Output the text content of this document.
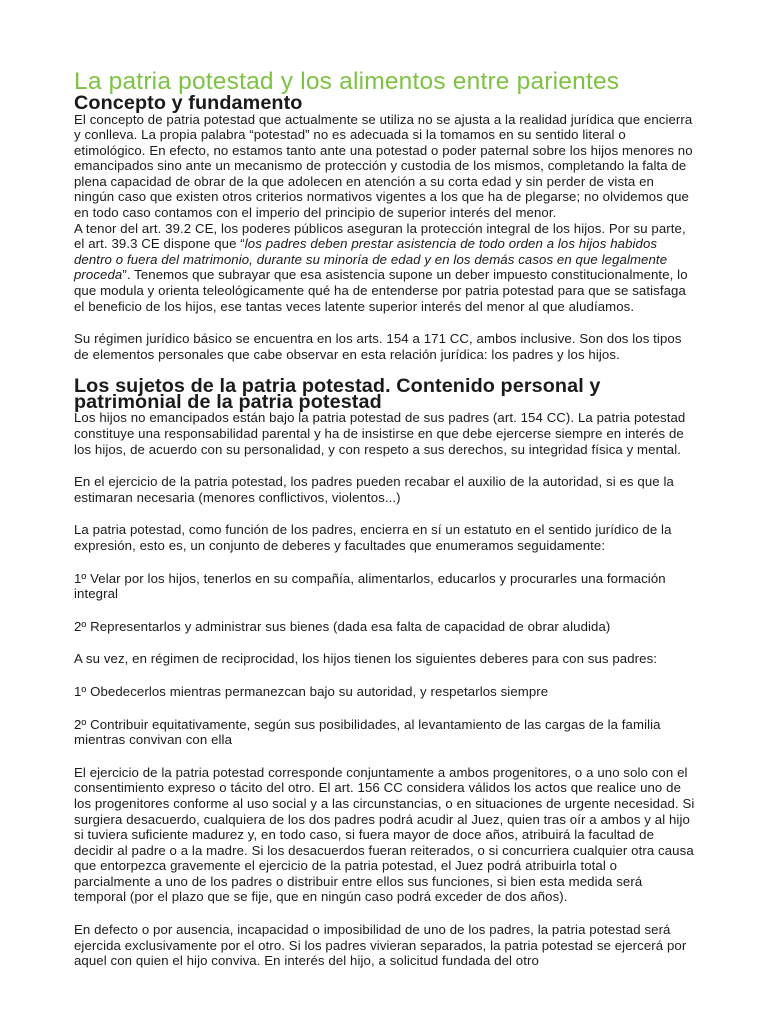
La patria potestad y los alimentos entre parientes
Concepto y fundamento

El concepto de patria potestad que actualmente se utiliza no se ajusta a la realidad jurídica que encierra y conlleva. La propia palabra “potestad” no es adecuada si la tomamos en su sentido literal o etimológico. En efecto, no estamos tanto ante una potestad o poder paternal sobre los hijos menores no emancipados sino ante un mecanismo de protección y custodia de los mismos, completando la falta de plena capacidad de obrar de la que adolecen en atención a su corta edad y sin perder de vista en ningún caso que existen otros criterios normativos vigentes a los que ha de plegarse; no olvidemos que en todo caso contamos con el imperio del principio de superior interés del menor.

A tenor del art. 39.2 CE, los poderes públicos aseguran la protección integral de los hijos. Por su parte, el art. 39.3 CE dispone que “los padres deben prestar asistencia de todo orden a los hijos habidos dentro o fuera del matrimonio, durante su minoría de edad y en los demás casos en que legalmente proceda”. Tenemos que subrayar que esa asistencia supone un deber impuesto constitucionalmente, lo que modula y orienta teleológicamente qué ha de entenderse por patria potestad para que se satisfaga el beneficio de los hijos, ese tantas veces latente superior interés del menor al que aludíamos.

Su régimen jurídico básico se encuentra en los arts. 154 a 171 CC, ambos inclusive. Son dos los tipos de elementos personales que cabe observar en esta relación jurídica: los padres y los hijos.

Los sujetos de la patria potestad. Contenido personal y patrimonial de la patria potestad

Los hijos no emancipados están bajo la patria potestad de sus padres (art. 154 CC). La patria potestad constituye una responsabilidad parental y ha de insistirse en que debe ejercerse siempre en interés de los hijos, de acuerdo con su personalidad, y con respeto a sus derechos, su integridad física y mental.

En el ejercicio de la patria potestad, los padres pueden recabar el auxilio de la autoridad, si es que la estimaran necesaria (menores conflictivos, violentos...)

La patria potestad, como función de los padres, encierra en sí un estatuto en el sentido jurídico de la expresión, esto es, un conjunto de deberes y facultades que enumeramos seguidamente:

1º Velar por los hijos, tenerlos en su compañía, alimentarlos, educarlos y procurarles una formación integral

2º Representarlos y administrar sus bienes (dada esa falta de capacidad de obrar aludida)

A su vez, en régimen de reciprocidad, los hijos tienen los siguientes deberes para con sus padres:

1º Obedecerlos mientras permanezcan bajo su autoridad, y respetarlos siempre

2º Contribuir equitativamente, según sus posibilidades, al levantamiento de las cargas de la familia mientras convivan con ella

El ejercicio de la patria potestad corresponde conjuntamente a ambos progenitores, o a uno solo con el consentimiento expreso o tácito del otro. El art. 156 CC considera válidos los actos que realice uno de los progenitores conforme al uso social y a las circunstancias, o en situaciones de urgente necesidad. Si surgiera desacuerdo, cualquiera de los dos padres podrá acudir al Juez, quien tras oír a ambos y al hijo si tuviera suficiente madurez y, en todo caso, si fuera mayor de doce años, atribuirá la facultad de decidir al padre o a la madre. Si los desacuerdos fueran reiterados, o si concurriera cualquier otra causa que entorpezca gravemente el ejercicio de la patria potestad, el Juez podrá atribuirla total o parcialmente a uno de los padres o distribuir entre ellos sus funciones, si bien esta medida será temporal (por el plazo que se fije, que en ningún caso podrá exceder de dos años).

En defecto o por ausencia, incapacidad o imposibilidad de uno de los padres, la patria potestad será ejercida exclusivamente por el otro. Si los padres vivieran separados, la patria potestad se ejercerá por aquel con quien el hijo conviva. En interés del hijo, a solicitud fundada del otro
